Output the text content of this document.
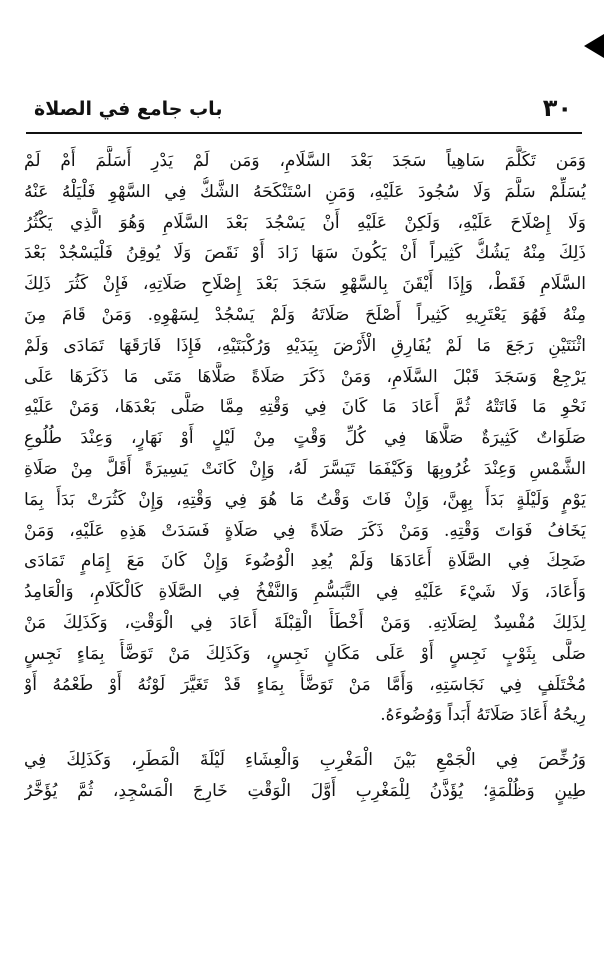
٣٠
باب جامع في الصلاة
وَمَن تَكَلَّمَ سَاهِياً سَجَدَ بَعْدَ السَّلَامِ، وَمَن لَمْ يَدْرِ أَسَلَّمَ أَمْ لَمْ
يُسَلِّمْ سَلَّمَ وَلَا سُجُودَ عَلَيْهِ، وَمَنِ اسْتَنْكَحَهُ الشَّكُّ فِي السَّهْوِ فَلْيَلْهُ عَنْهُ
وَلَا إِصْلَاحَ عَلَيْهِ، وَلَكِنْ عَلَيْهِ أَنْ يَسْجُدَ بَعْدَ السَّلَامِ وَهُوَ الَّذِي يَكْثُرُ
ذَلِكَ مِنْهُ يَشُكُّ كَثِيراً أَنْ يَكُونَ سَهَا زَادَ أَوْ نَقَصَ وَلَا يُوقِنُ فَلْيَسْجُدْ بَعْدَ
السَّلَامِ فَقَطْ، وَإِذَا أَيْقَنَ بِالسَّهْوِ سَجَدَ بَعْدَ إِصْلَاحِ صَلَاتِهِ، فَإِنْ كَثُرَ ذَلِكَ
مِنْهُ فَهُوَ يَعْتَرِيهِ كَثِيراً أَصْلَحَ صَلَاتَهُ وَلَمْ يَسْجُدْ لِسَهْوِهِ. وَمَنْ قَامَ مِنَ
اثْنَتَيْنِ رَجَعَ مَا لَمْ يُفَارِقِ الْأَرْضَ بِيَدَيْهِ وَرُكْبَتَيْهِ، فَإِذَا فَارَقَهَا تَمَادَى وَلَمْ
يَرْجِعْ وَسَجَدَ قَبْلَ السَّلَامِ، وَمَنْ ذَكَرَ صَلَاةً صَلَّاهَا مَتَى مَا ذَكَرَهَا عَلَى
نَحْوِ مَا فَاتَتْهُ ثُمَّ أَعَادَ مَا كَانَ فِي وَقْتِهِ مِمَّا صَلَّى بَعْدَهَا، وَمَنْ عَلَيْهِ
صَلَوَاتٌ كَثِيرَةٌ صَلَّاهَا فِي كُلِّ وَقْتٍ مِنْ لَيْلٍ أَوْ نَهَارٍ، وَعِنْدَ طُلُوعِ
الشَّمْسِ وَعِنْدَ غُرُوبِهَا وَكَيْفَمَا تَيَسَّرَ لَهُ، وَإِنْ كَانَتْ يَسِيرَةً أَقَلَّ مِنْ صَلَاةِ
يَوْمٍ وَلَيْلَةٍ بَدَأَ بِهِنَّ، وَإِنْ فَاتَ وَقْتُ مَا هُوَ فِي وَقْتِهِ، وَإِنْ كَثُرَتْ بَدَأَ بِمَا
يَخَافُ فَوَاتَ وَقْتِهِ. وَمَنْ ذَكَرَ صَلَاةً فِي صَلَاةٍ فَسَدَتْ هَذِهِ عَلَيْهِ، وَمَنْ
ضَحِكَ فِي الصَّلَاةِ أَعَادَهَا وَلَمْ يُعِدِ الْوُضُوءَ وَإِنْ كَانَ مَعَ إِمَامٍ تَمَادَى
وَأَعَادَ، وَلَا شَيْءَ عَلَيْهِ فِي التَّبَسُّمِ وَالنَّفْخُ فِي الصَّلَاةِ كَالْكَلَامِ، وَالْعَامِدُ
لِذَلِكَ مُفْسِدٌ لِصَلَاتِهِ. وَمَنْ أَخْطَأَ الْقِبْلَةَ أَعَادَ فِي الْوَقْتِ، وَكَذَلِكَ مَنْ
صَلَّى بِثَوْبٍ نَجِسٍ أَوْ عَلَى مَكَانٍ نَجِسٍ، وَكَذَلِكَ مَنْ تَوَضَّأَ بِمَاءٍ نَجِسٍ
مُخْتَلَفٍ فِي نَجَاسَتِهِ، وَأَمَّا مَنْ تَوَضَّأَ بِمَاءٍ قَدْ تَغَيَّرَ لَوْنُهُ أَوْ طَعْمُهُ أَوْ
رِيحُهُ أَعَادَ صَلَاتَهُ أَبَداً وَوُضُوءَهُ.
وَرُخِّصَ فِي الْجَمْعِ بَيْنَ الْمَغْرِبِ وَالْعِشَاءِ لَيْلَةَ الْمَطَرِ، وَكَذَلِكَ فِي
طِينٍ وَظُلْمَةٍ؛ يُؤَذَّنُ لِلْمَغْرِبِ أَوَّلَ الْوَقْتِ خَارِجَ الْمَسْجِدِ، ثُمَّ يُؤَخَّرُ
